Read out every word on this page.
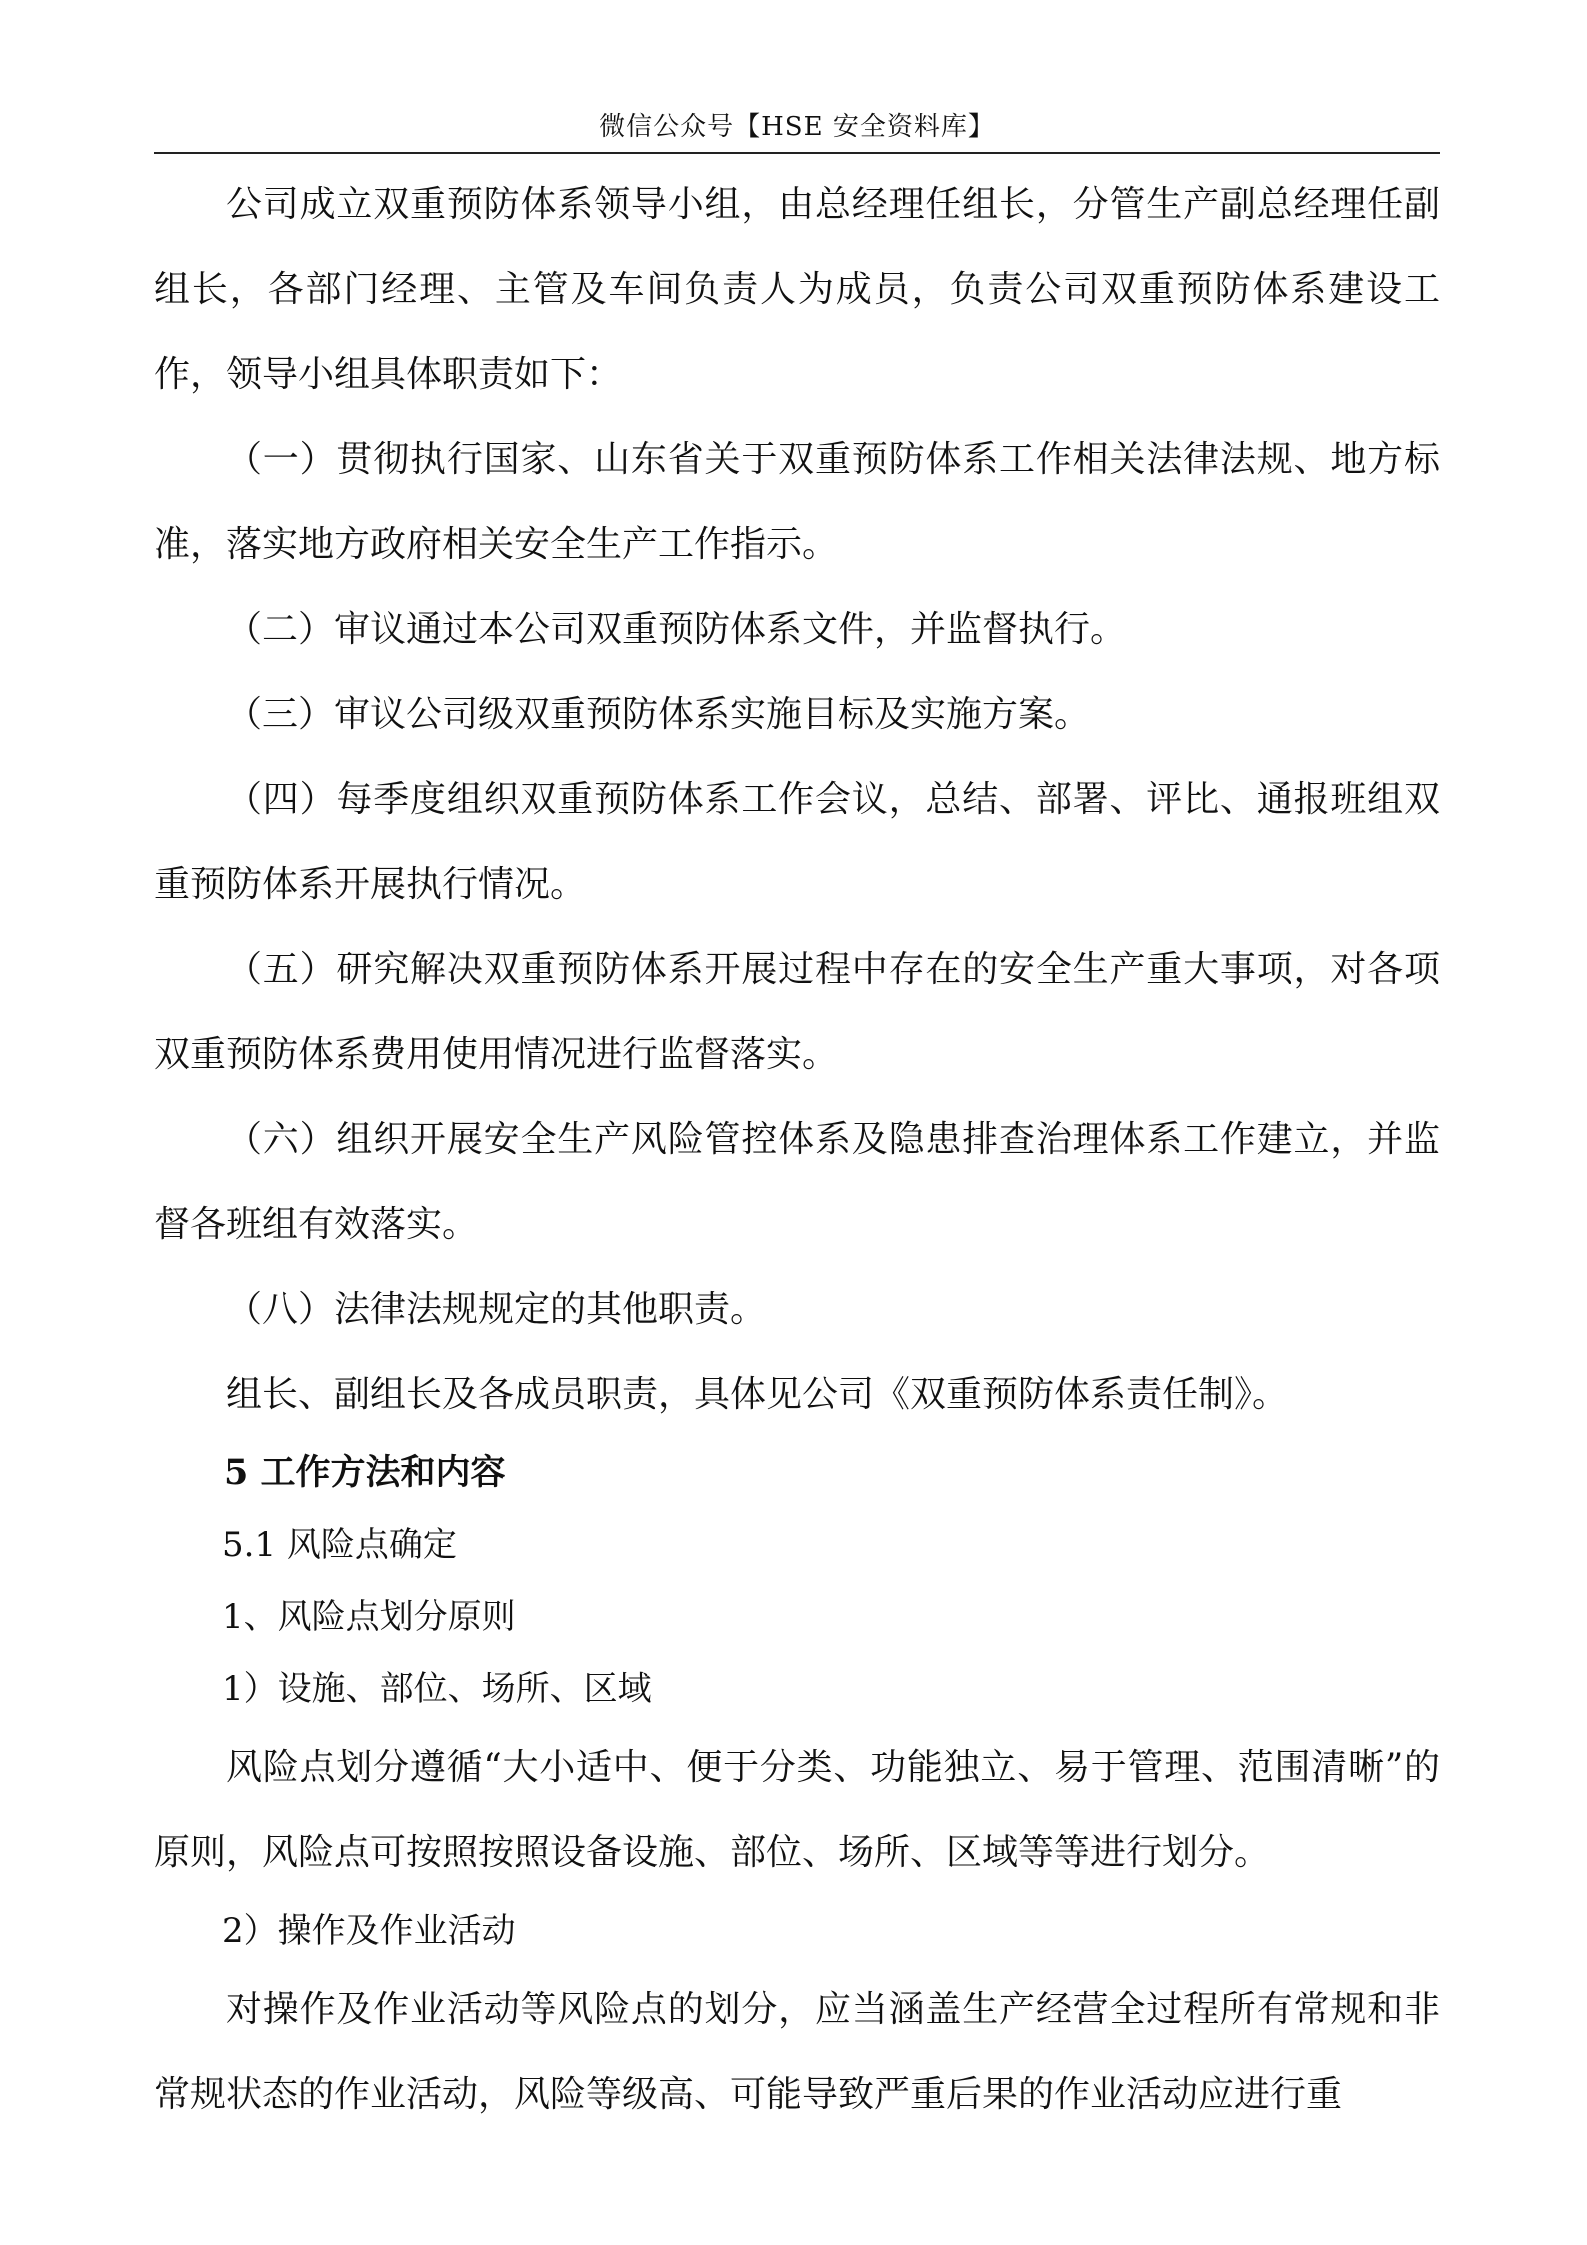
微信公众号【HSE 安全资料库】

公司成立双重预防体系领导小组，由总经理任组长，分管生产副总经理任副组长，各部门经理、主管及车间负责人为成员，负责公司双重预防体系建设工作，领导小组具体职责如下：

（一）贯彻执行国家、山东省关于双重预防体系工作相关法律法规、地方标准，落实地方政府相关安全生产工作指示。

（二）审议通过本公司双重预防体系文件，并监督执行。

（三）审议公司级双重预防体系实施目标及实施方案。

（四）每季度组织双重预防体系工作会议，总结、部署、评比、通报班组双重预防体系开展执行情况。

（五）研究解决双重预防体系开展过程中存在的安全生产重大事项，对各项双重预防体系费用使用情况进行监督落实。

（六）组织开展安全生产风险管控体系及隐患排查治理体系工作建立，并监督各班组有效落实。

（八）法律法规规定的其他职责。

组长、副组长及各成员职责，具体见公司《双重预防体系责任制》。

5 工作方法和内容

5.1 风险点确定

1、风险点划分原则

1）设施、部位、场所、区域

风险点划分遵循“大小适中、便于分类、功能独立、易于管理、范围清晰”的原则，风险点可按照按照设备设施、部位、场所、区域等等进行划分。

2）操作及作业活动

对操作及作业活动等风险点的划分，应当涵盖生产经营全过程所有常规和非常规状态的作业活动，风险等级高、可能导致严重后果的作业活动应进行重
